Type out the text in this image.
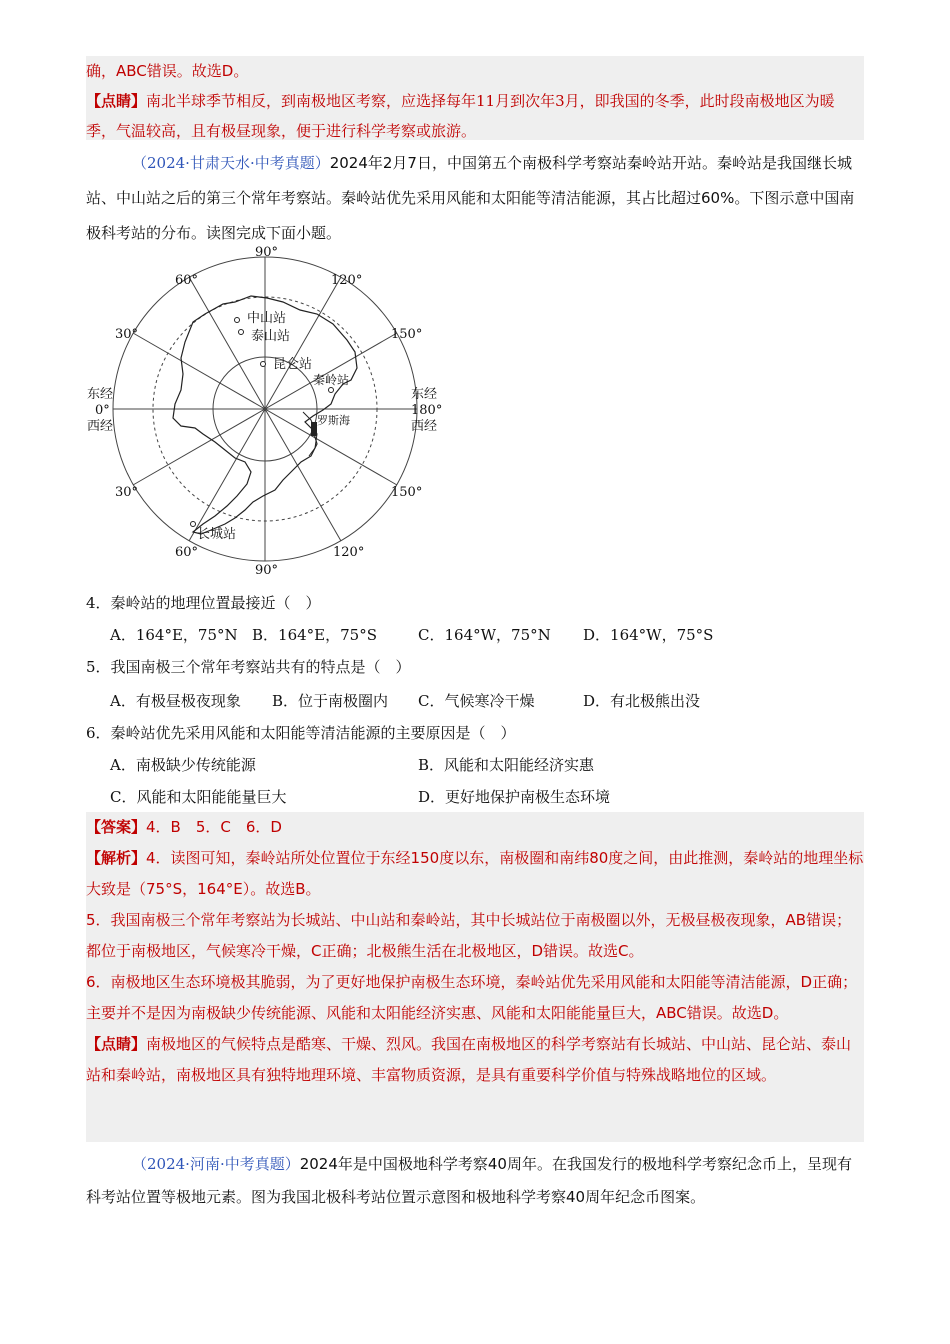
确，ABC错误。故选D。
【点睛】南北半球季节相反，到南极地区考察，应选择每年11月到次年3月，即我国的冬季，此时段南极地区为暖季，气温较高，且有极昼现象，便于进行科学考察或旅游。
（2024·甘肃天水·中考真题）2024年2月7日，中国第五个南极科学考察站秦岭站开站。秦岭站是我国继长城站、中山站之后的第三个常年考察站。秦岭站优先采用风能和太阳能等清洁能源，其占比超过60%。下图示意中国南极科考站的分布。读图完成下面小题。
中山站
泰山站
昆仑站
秦岭站
罗斯海
长城站
90°
60°	120°
30°	150°
东经
0°
西经
东经
180°
西经
30°	150°
60°	120°
90°
4．秦岭站的地理位置最接近（　）
A．164°E，75°N B．164°E，75°S	C．164°W，75°N D．164°W，75°S
5．我国南极三个常年考察站共有的特点是（　）
A．有极昼极夜现象 B．位于南极圈内 C．气候寒冷干燥	D．有北极熊出没
6．秦岭站优先采用风能和太阳能等清洁能源的主要原因是（　）
A．南极缺少传统能源	B．风能和太阳能经济实惠
C．风能和太阳能能量巨大	D．更好地保护南极生态环境
【答案】4．B　5．C　6．D
【解析】4．读图可知，秦岭站所处位置位于东经150度以东，南极圈和南纬80度之间，由此推测，秦岭站的地理坐标大致是（75°S，164°E）。故选B。
5．我国南极三个常年考察站为长城站、中山站和秦岭站，其中长城站位于南极圈以外，无极昼极夜现象，AB错误；都位于南极地区，气候寒冷干燥，C正确；北极熊生活在北极地区，D错误。故选C。
6．南极地区生态环境极其脆弱，为了更好地保护南极生态环境，秦岭站优先采用风能和太阳能等清洁能源，D正确；主要并不是因为南极缺少传统能源、风能和太阳能经济实惠、风能和太阳能能量巨大，ABC错误。故选D。
【点睛】南极地区的气候特点是酷寒、干燥、烈风。我国在南极地区的科学考察站有长城站、中山站、昆仑站、泰山站和秦岭站，南极地区具有独特地理环境、丰富物质资源，是具有重要科学价值与特殊战略地位的区域。
（2024·河南·中考真题）2024年是中国极地科学考察40周年。在我国发行的极地科学考察纪念币上，呈现有科考站位置等极地元素。图为我国北极科考站位置示意图和极地科学考察40周年纪念币图案。
